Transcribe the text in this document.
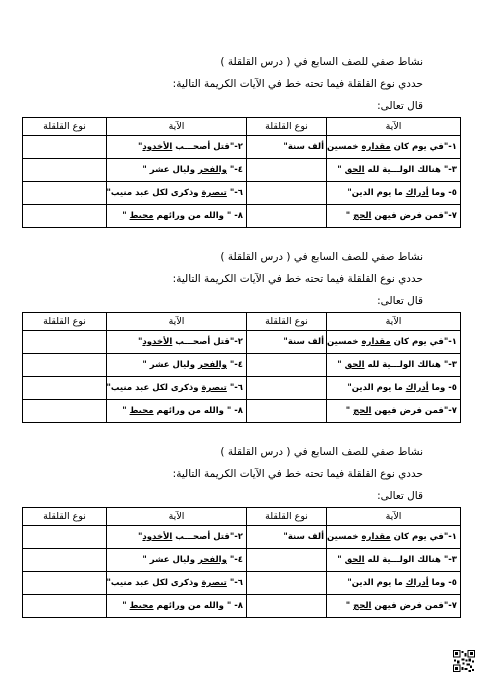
نشاط صفي للصف السابع في ( درس القلقلة )
حددي نوع القلقلة فيما تحته خط في الآيات الكريمة التالية:
قال تعالى:
الآية	نوع القلقلة	الآية	نوع القلقلة
١-"في يوم كان مقداره خمسين ألف سنة"		٢-"قتل أصحـــب الأخدود"	
٣-" هنالك الولـــية لله الحق "		٤-" والفجر وليال عشر "	
٥- وما أدراك ما يوم الدين"		٦-" تبصرة وذكرى لكل عبد منيب"	
٧-"فمن فرض فيهن الحج "		٨- " والله من ورائهم محيط "	
نشاط صفي للصف السابع في ( درس القلقلة )
حددي نوع القلقلة فيما تحته خط في الآيات الكريمة التالية:
قال تعالى:
الآية	نوع القلقلة	الآية	نوع القلقلة
١-"في يوم كان مقداره خمسين ألف سنة"		٢-"قتل أصحـــب الأخدود"	
٣-" هنالك الولـــية لله الحق "		٤-" والفجر وليال عشر "	
٥- وما أدراك ما يوم الدين"		٦-" تبصرة وذكرى لكل عبد منيب"	
٧-"فمن فرض فيهن الحج "		٨- " والله من ورائهم محيط "	
نشاط صفي للصف السابع في ( درس القلقلة )
حددي نوع القلقلة فيما تحته خط في الآيات الكريمة التالية:
قال تعالى:
الآية	نوع القلقلة	الآية	نوع القلقلة
١-"في يوم كان مقداره خمسين ألف سنة"		٢-"قتل أصحـــب الأخدود"	
٣-" هنالك الولـــية لله الحق "		٤-" والفجر وليال عشر "	
٥- وما أدراك ما يوم الدين"		٦-" تبصرة وذكرى لكل عبد منيب"	
٧-"فمن فرض فيهن الحج "		٨- " والله من ورائهم محيط "	
